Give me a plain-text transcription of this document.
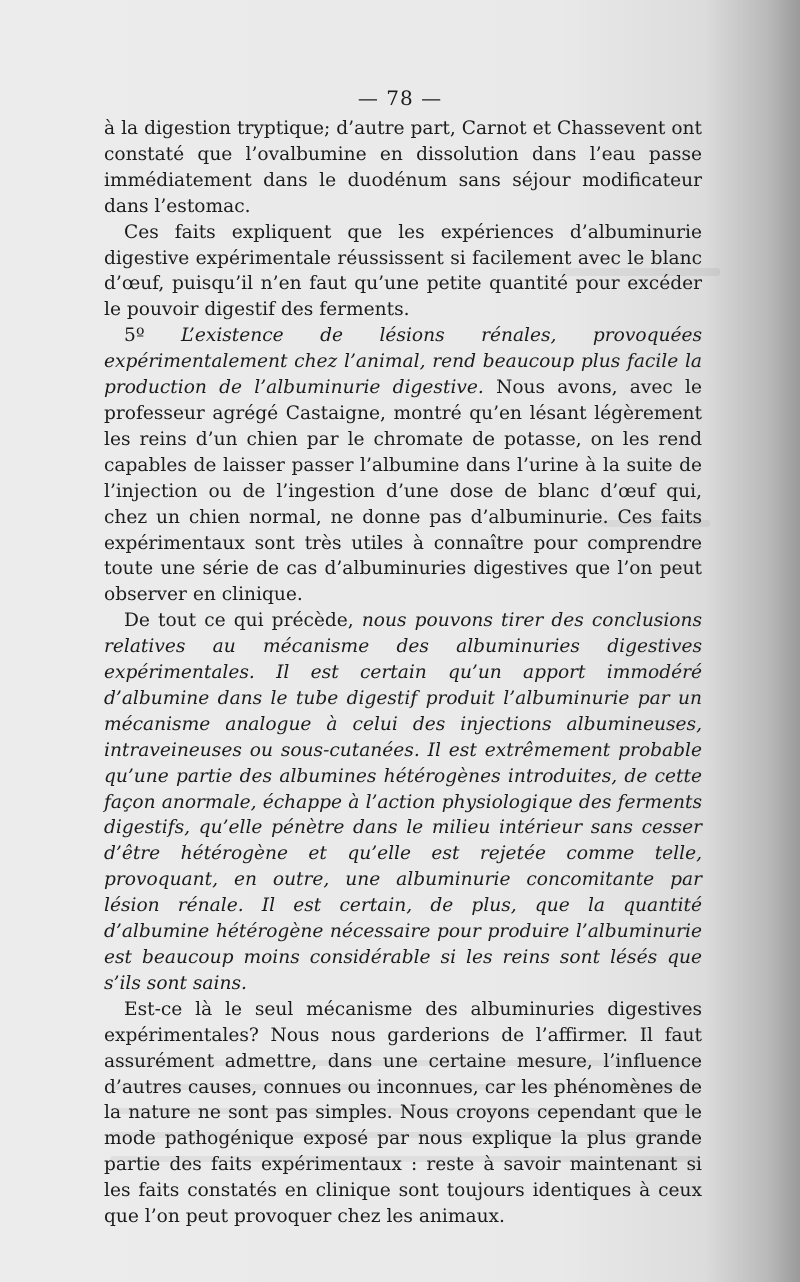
— 78 —

à la digestion tryptique; d’autre part, Carnot et Chassevent ont constaté que l’ovalbumine en dissolution dans l’eau passe immédiatement dans le duodénum sans séjour modificateur dans l’estomac.

Ces faits expliquent que les expériences d’albuminurie digestive expérimentale réussissent si facilement avec le blanc d’œuf, puisqu’il n’en faut qu’une petite quantité pour excéder le pouvoir digestif des ferments.

5º L’existence de lésions rénales, provoquées expérimentalement chez l’animal, rend beaucoup plus facile la production de l’albuminurie digestive. Nous avons, avec le professeur agrégé Castaigne, montré qu’en lésant légèrement les reins d’un chien par le chromate de potasse, on les rend capables de laisser passer l’albumine dans l’urine à la suite de l’injection ou de l’ingestion d’une dose de blanc d’œuf qui, chez un chien normal, ne donne pas d’albuminurie. Ces faits expérimentaux sont très utiles à connaître pour comprendre toute une série de cas d’albuminuries digestives que l’on peut observer en clinique.

De tout ce qui précède, nous pouvons tirer des conclusions relatives au mécanisme des albuminuries digestives expérimentales. Il est certain qu’un apport immodéré d’albumine dans le tube digestif produit l’albuminurie par un mécanisme analogue à celui des injections albumineuses, intraveineuses ou sous-cutanées. Il est extrêmement probable qu’une partie des albumines hétérogènes introduites, de cette façon anormale, échappe à l’action physiologique des ferments digestifs, qu’elle pénètre dans le milieu intérieur sans cesser d’être hétérogène et qu’elle est rejetée comme telle, provoquant, en outre, une albuminurie concomitante par lésion rénale. Il est certain, de plus, que la quantité d’albumine hétérogène nécessaire pour produire l’albuminurie est beaucoup moins considérable si les reins sont lésés que s’ils sont sains.

Est-ce là le seul mécanisme des albuminuries digestives expérimentales? Nous nous garderions de l’affirmer. Il faut assurément admettre, dans une certaine mesure, l’influence d’autres causes, connues ou inconnues, car les phénomènes de la nature ne sont pas simples. Nous croyons cependant que le mode pathogénique exposé par nous explique la plus grande partie des faits expérimentaux : reste à savoir maintenant si les faits constatés en clinique sont toujours identiques à ceux que l’on peut provoquer chez les animaux.
